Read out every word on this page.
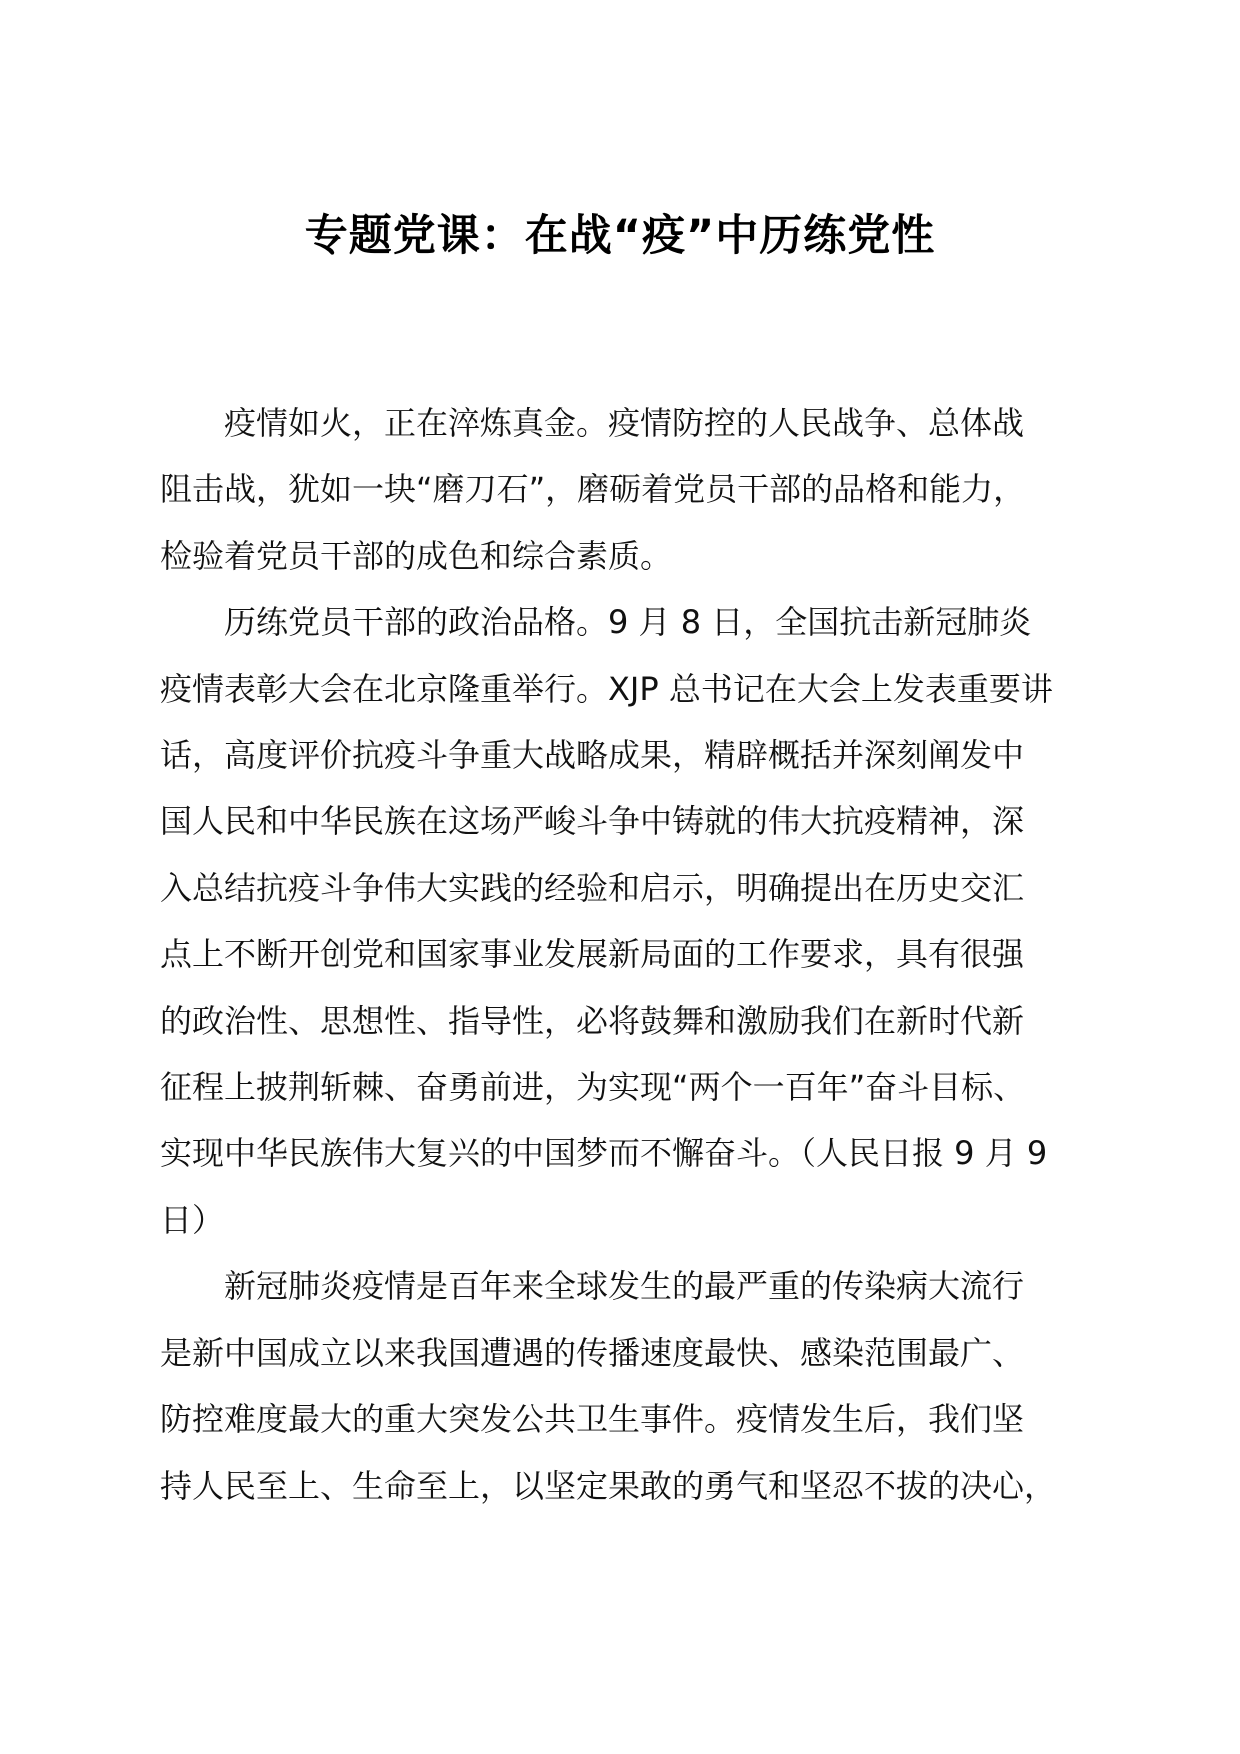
专题党课：在战“疫”中历练党性

疫情如火，正在淬炼真金。疫情防控的人民战争、总体战
阻击战，犹如一块“磨刀石”，磨砺着党员干部的品格和能力，
检验着党员干部的成色和综合素质。

历练党员干部的政治品格。9 月 8 日，全国抗击新冠肺炎
疫情表彰大会在北京隆重举行。XJP 总书记在大会上发表重要讲
话，高度评价抗疫斗争重大战略成果，精辟概括并深刻阐发中
国人民和中华民族在这场严峻斗争中铸就的伟大抗疫精神，深
入总结抗疫斗争伟大实践的经验和启示，明确提出在历史交汇
点上不断开创党和国家事业发展新局面的工作要求，具有很强
的政治性、思想性、指导性，必将鼓舞和激励我们在新时代新
征程上披荆斩棘、奋勇前进，为实现“两个一百年”奋斗目标、
实现中华民族伟大复兴的中国梦而不懈奋斗。（人民日报 9 月 9
日）

新冠肺炎疫情是百年来全球发生的最严重的传染病大流行
是新中国成立以来我国遭遇的传播速度最快、感染范围最广、
防控难度最大的重大突发公共卫生事件。疫情发生后，我们坚
持人民至上、生命至上，以坚定果敢的勇气和坚忍不拔的决心，
